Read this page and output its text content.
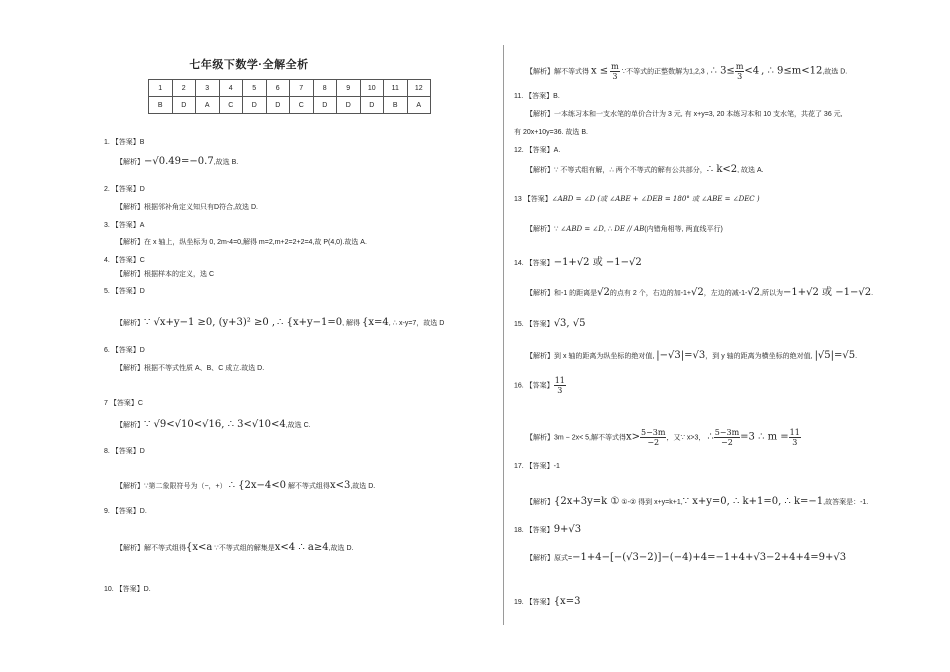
七年级下数学·全解全析
1	2	3	4	5	6	7	8	9	10	11	12
B	D	A	C	D	D	C	D	D	D	B	A
1. 【答案】B
【解析】−√0.49=−0.7,故选 B.
2. 【答案】D
【解析】根据邻补角定义知只有D符合,故选 D.
3. 【答案】A
【解析】在 x 轴上，纵坐标为 0, 2m-4=0,解得 m=2,m+2=2+2=4,故 P(4,0).故选 A.
4. 【答案】C
【解析】根据样本的定义，选 C
5. 【答案】D
【解析】∵ √x+y−1 ≥0, (y+3)² ≥0 , ∴ {x+y−1=0, 解得 {x=4, ∴ x-y=7，故选 D
6. 【答案】D
【解析】根据不等式性质 A、B、C 成立.故选 D.
7 【答案】C
【解析】∵ √9<√10<√16, ∴ 3<√10<4,故选 C.
8. 【答案】D
【解析】∵第二象限符号为（−，+） ∴ {2x−4<0 解不等式组得x<3,故选 D.
9. 【答案】D.
【解析】解不等式组得{x<a ∵不等式组的解集是x<4 ∴ a≥4,故选 D.
10. 【答案】D.
【解析】解不等式得 $x \le \frac{m}{3}$ ∵不等式的正整数解为1,2,3 , ∴ $3\le \frac{m}{3} <4$ , ∴ 9≤m<12,故选 D.
11. 【答案】B.
【解析】一本练习本和一支水笔的单价合计为 3 元, 有 x+y=3, 20 本练习本和 10 支水笔，共花了 36 元,
有 20x+10y=36. 故选 B.
12. 【答案】A.
【解析】∵ 不等式组有解，∴ 两个不等式的解有公共部分，∴ k<2, 故选 A.
13 【答案】∠ABD = ∠D (或 ∠ABE + ∠DEB = 180° 或 ∠ABE = ∠DEC )
【解析】∵ ∠ABD = ∠D, ∴ DE // AB(内错角相等, 两直线平行)
14. 【答案】−1+√2 或 −1−√2
【解析】和-1 的距离是√2的点有 2 个，右边的加-1+√2，左边的减-1-√2,所以为−1+√2 或 −1−√2.
15. 【答案】√3, √5
【解析】到 x 轴的距离为纵坐标的绝对值, |−√3|=√3，到 y 轴的距离为横坐标的绝对值, |√5|=√5.
16. 【答案】 $\frac{11}{3}$
【解析】3m − 2x< 5,解不等式得$x> \frac{5-3m}{-2}$ ，又∵ x>3， ∴ $\frac{5-3m}{-2} =3$ ∴ $m = \frac{11}{3}$
17. 【答案】-1
【解析】{2x+3y=k ① ①-② 得到 x+y=k+1,∵ x+y=0, ∴ k+1=0, ∴ k=−1,故答案是：-1.
18. 【答案】9+√3
【解析】原式=−1+4−[−(√3−2)]−(−4)+4=−1+4+√3−2+4+4=9+√3
19. 【答案】{x=3
